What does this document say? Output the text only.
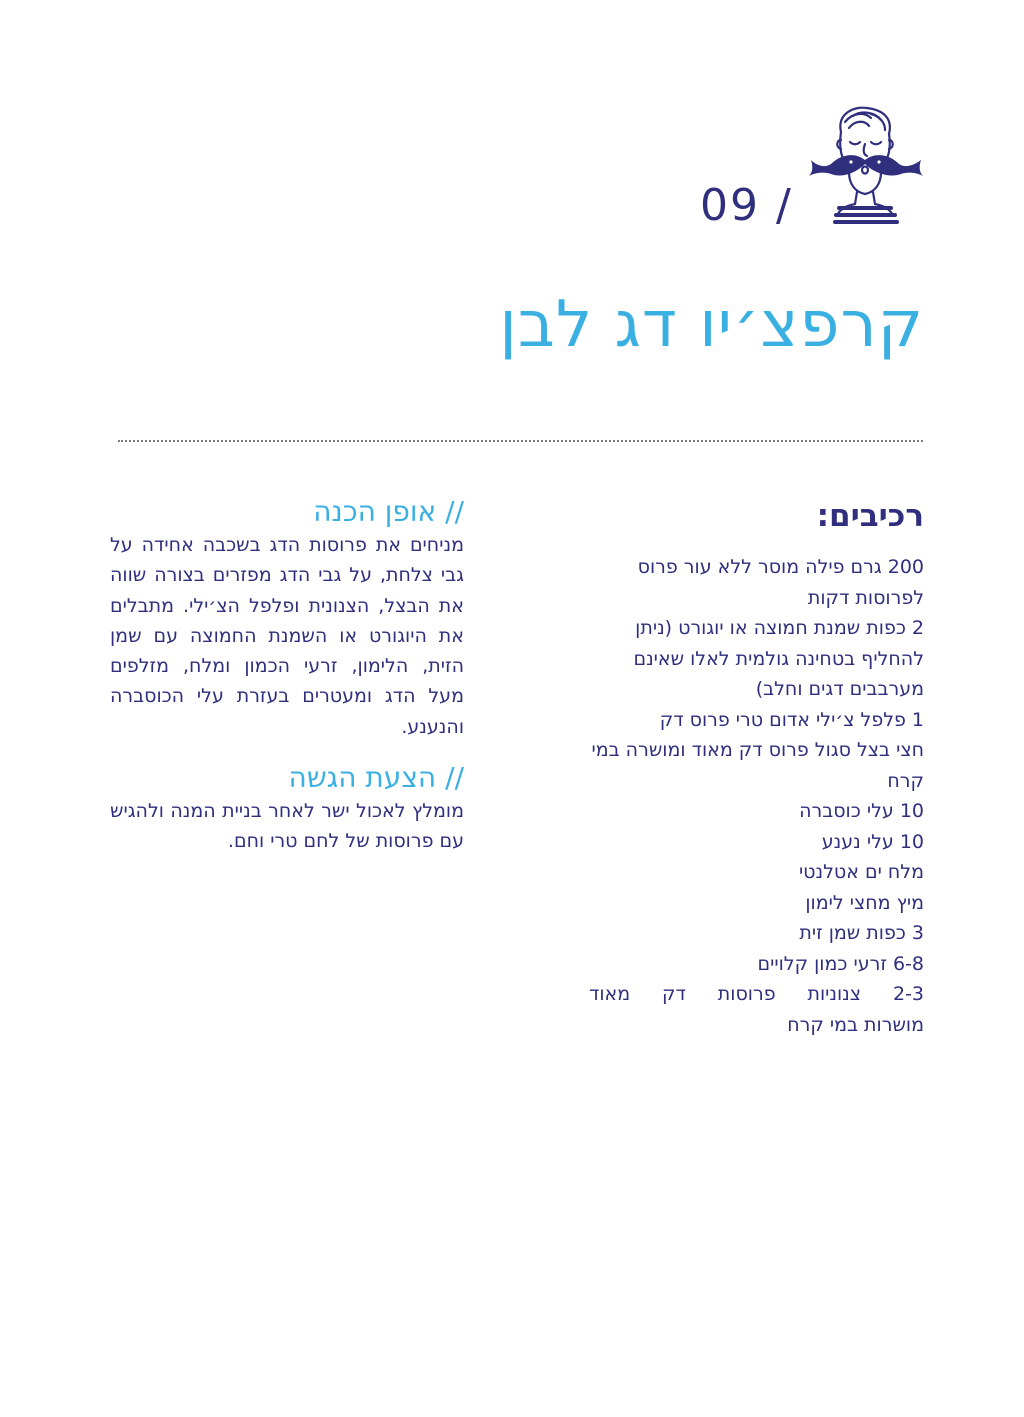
09 /
קרפצ׳יו דג לבן
רכיבים:
200 גרם פילה מוסר ללא עור פרוס לפרוסות דקות
2 כפות שמנת חמוצה או יוגורט (ניתן להחליף בטחינה גולמית לאלו שאינם מערבבים דגים וחלב)
1 פלפל צ׳ילי אדום טרי פרוס דק
חצי בצל סגול פרוס דק מאוד ומושרה במי קרח
10 עלי כוסברה
10 עלי נענע
מלח ים אטלנטי
מיץ מחצי לימון
3 כפות שמן זית
6-8 זרעי כמון קלויים
2-3 צנוניות פרוסות דק מאוד
מושרות במי קרח
// אופן הכנה

מניחים את פרוסות הדג בשכבה אחידה על גבי צלחת, על גבי הדג מפזרים בצורה שווה את הבצל, הצנונית ופלפל הצ׳ילי. מתבלים את היוגורט או השמנת החמוצה עם שמן הזית, הלימון, זרעי הכמון ומלח, מזלפים מעל הדג ומעטרים בעזרת עלי הכוסברה והנענע.

// הצעת הגשה

מומלץ לאכול ישר לאחר בניית המנה ולהגיש עם פרוסות של לחם טרי וחם.
